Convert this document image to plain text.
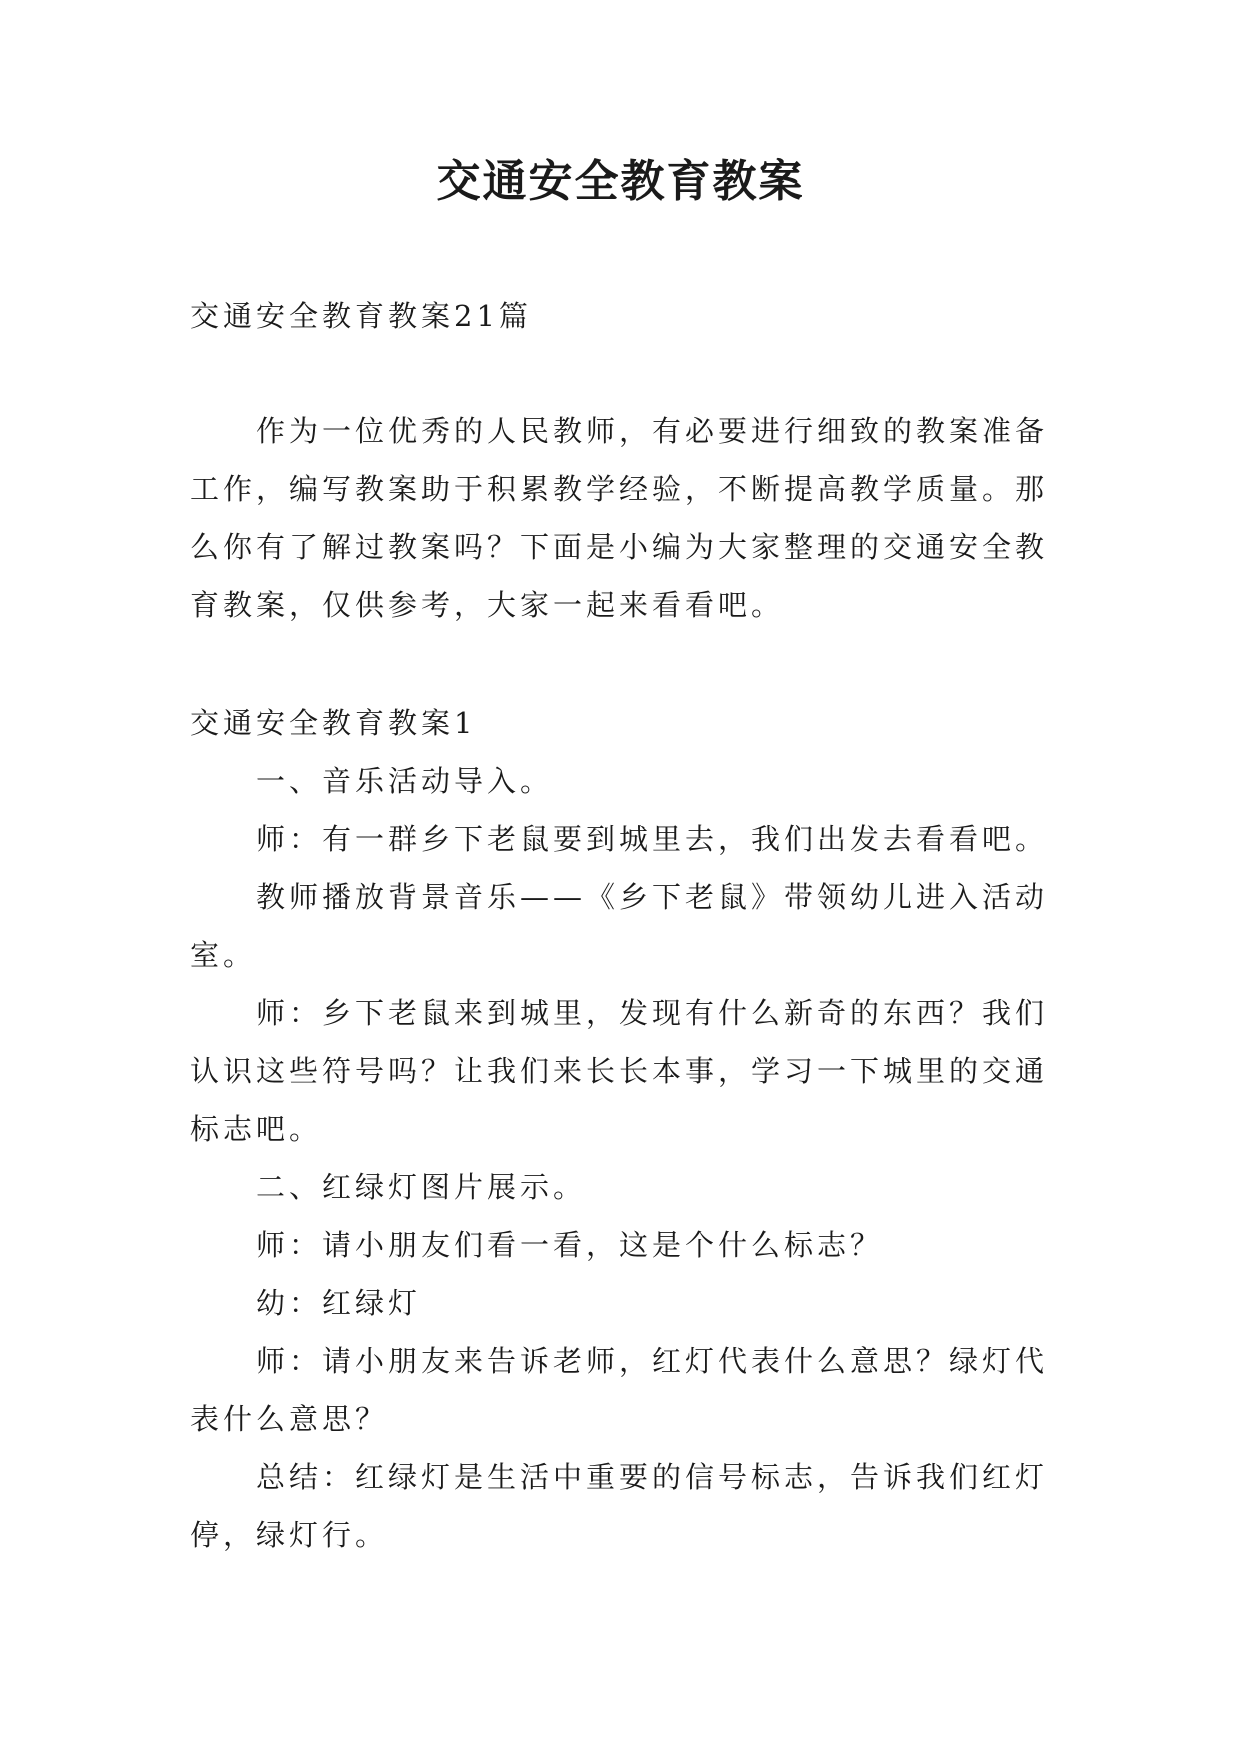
交通安全教育教案

交通安全教育教案21篇

作为一位优秀的人民教师，有必要进行细致的教案准备工作，编写教案助于积累教学经验，不断提高教学质量。那么你有了解过教案吗？下面是小编为大家整理的交通安全教育教案，仅供参考，大家一起来看看吧。

交通安全教育教案1

一、音乐活动导入。

师：有一群乡下老鼠要到城里去，我们出发去看看吧。

教师播放背景音乐——《乡下老鼠》带领幼儿进入活动室。

师：乡下老鼠来到城里，发现有什么新奇的东西？我们认识这些符号吗？让我们来长长本事，学习一下城里的交通标志吧。

二、红绿灯图片展示。

师：请小朋友们看一看，这是个什么标志？

幼：红绿灯

师：请小朋友来告诉老师，红灯代表什么意思？绿灯代表什么意思？

总结：红绿灯是生活中重要的信号标志，告诉我们红灯停，绿灯行。
